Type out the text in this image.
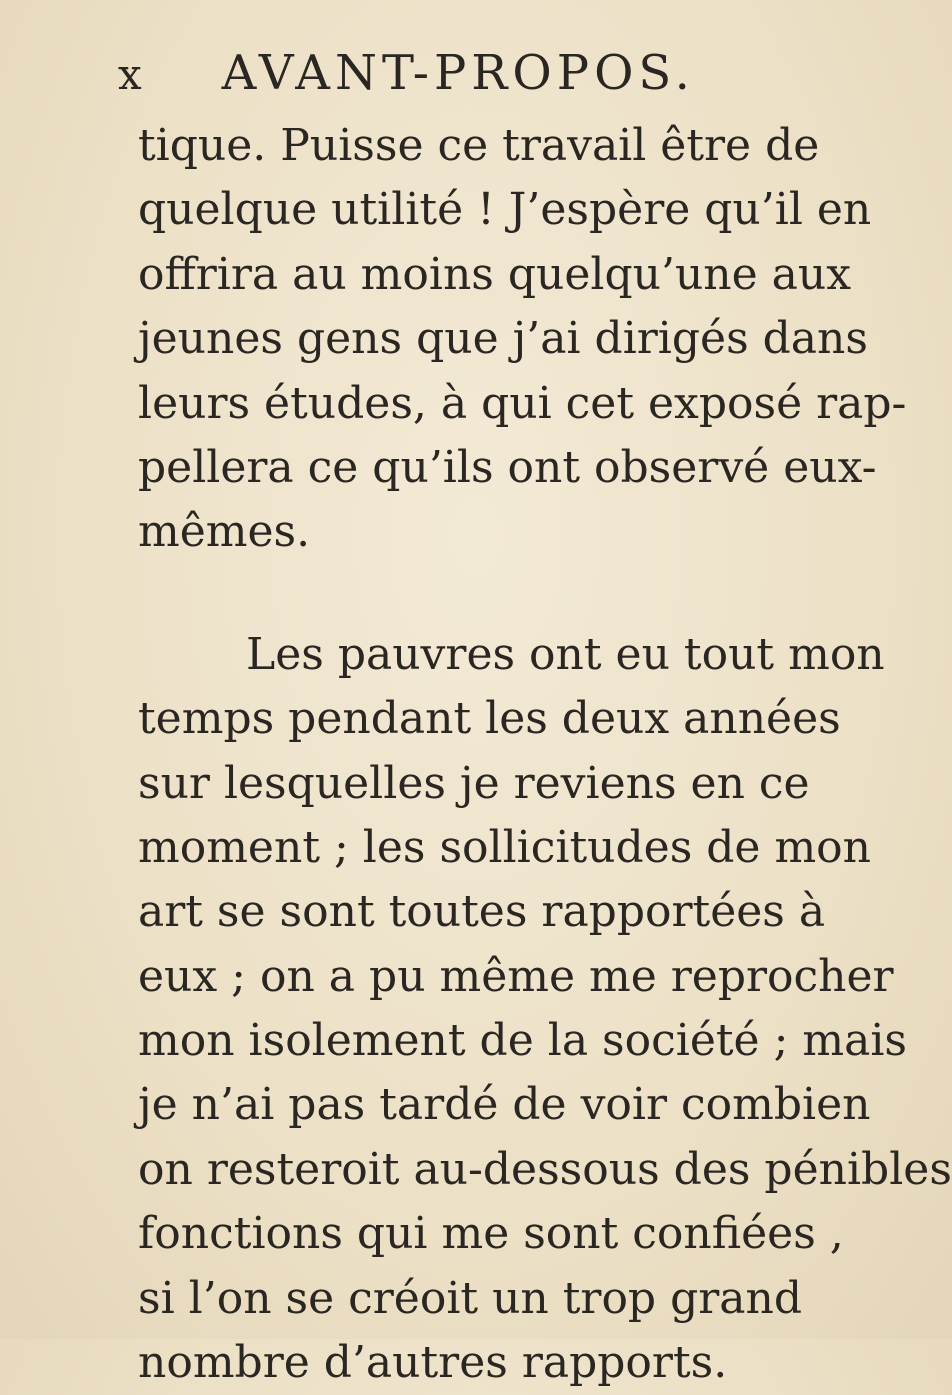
x AVANT-PROPOS.
tique. Puisse ce travail être de
quelque utilité ! J’espère qu’il en
offrira au moins quelqu’une aux
jeunes gens que j’ai dirigés dans
leurs études, à qui cet exposé rap-
pellera ce qu’ils ont observé eux-
mêmes.
Les pauvres ont eu tout mon
temps pendant les deux années
sur lesquelles je reviens en ce
moment ; les sollicitudes de mon
art se sont toutes rapportées à
eux ; on a pu même me reprocher
mon isolement de la société ; mais
je n’ai pas tardé de voir combien
on resteroit au-dessous des pénibles
fonctions qui me sont confiées ,
si l’on se créoit un trop grand
nombre d’autres rapports.
